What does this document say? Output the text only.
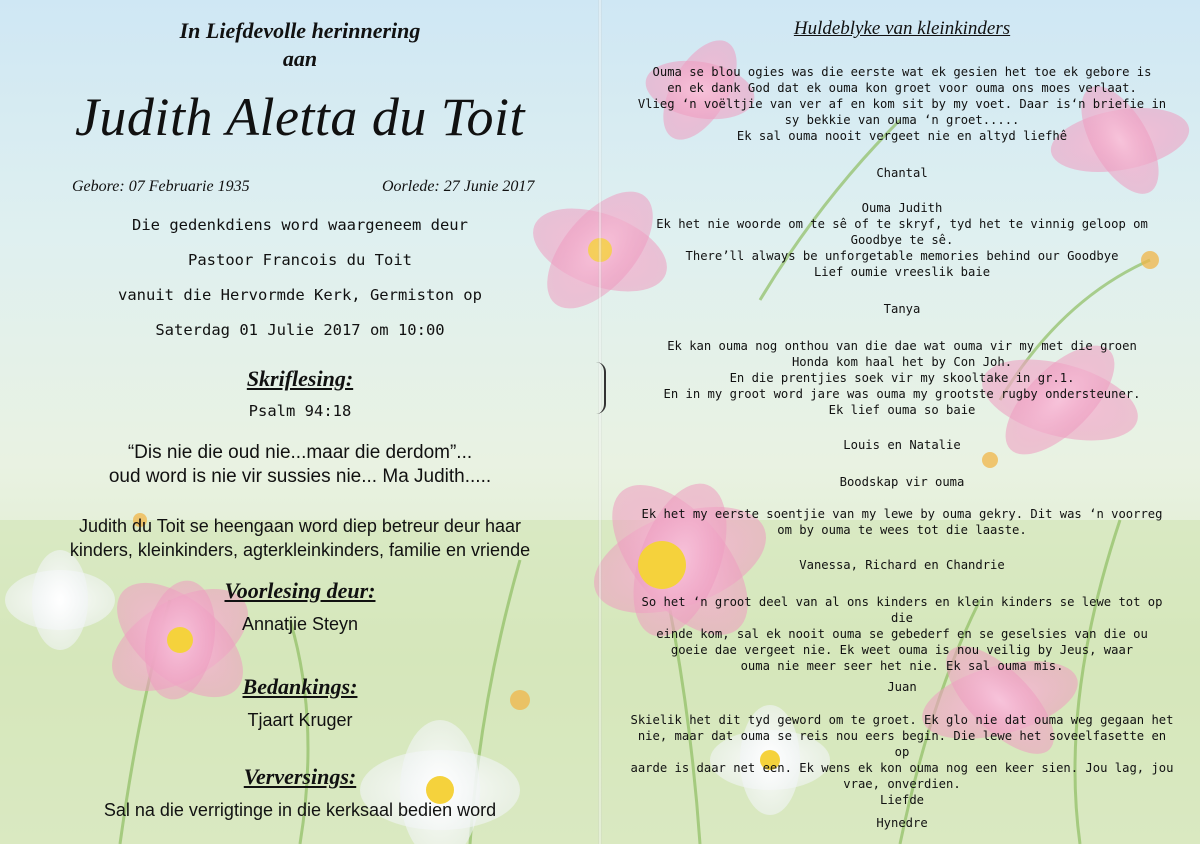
In Liefdevolle herinnering
aan
Judith Aletta du Toit
Gebore: 07 Februarie 1935	Oorlede: 27 Junie 2017
Die gedenkdiens word waargeneem deur
Pastoor Francois du Toit
vanuit die Hervormde Kerk, Germiston op
Saterdag 01 Julie 2017 om 10:00
Skriflesing:
Psalm 94:18
“Dis nie die oud nie...maar die derdom”...
oud word is nie vir sussies nie... Ma Judith.....
Judith du Toit se heengaan word diep betreur deur haar
kinders, kleinkinders, agterkleinkinders, familie en vriende
Voorlesing deur:
Annatjie Steyn
Bedankings:
Tjaart Kruger
Verversings:
Sal na die verrigtinge in die kerksaal bedien word
Huldeblyke van kleinkinders
Ouma se blou ogies was die eerste wat ek gesien het toe ek gebore is
en ek dank God dat ek ouma kon groet voor ouma ons moes verlaat.
Vlieg ‘n voëltjie van ver af en kom sit by my voet. Daar is‘n briefie in
sy bekkie van ouma ‘n groet.....
Ek sal ouma nooit vergeet nie en altyd liefhê
Chantal
Ouma Judith
Ek het nie woorde om te sê of te skryf, tyd het te vinnig geloop om
Goodbye te sê.
There’ll always be unforgetable memories behind our Goodbye
Lief oumie vreeslik baie
Tanya
Ek kan ouma nog onthou van die dae wat ouma vir my met die groen
Honda kom haal het by Con Joh.
En die prentjies soek vir my skooltake in gr.1.
En in my groot word jare was ouma my grootste rugby ondersteuner.
Ek lief ouma so baie
Louis en Natalie
Boodskap vir ouma
Ek het my eerste soentjie van my lewe by ouma gekry. Dit was ‘n voorreg
om by ouma te wees tot die laaste.
Vanessa, Richard en Chandrie
So het ‘n groot deel van al ons kinders en klein kinders se lewe tot op die
einde kom, sal ek nooit ouma se gebederf en se geselsies van die ou
goeie dae vergeet nie. Ek weet ouma is nou veilig by Jeus, waar
ouma nie meer seer het nie. Ek sal ouma mis.
Juan
Skielik het dit tyd geword om te groet. Ek glo nie dat ouma weg gegaan het
nie, maar dat ouma se reis nou eers begin. Die lewe het soveelfasette en op
aarde is daar net een. Ek wens ek kon ouma nog een keer sien. Jou lag, jou
vrae, onverdien.
Liefde
Hynedre
